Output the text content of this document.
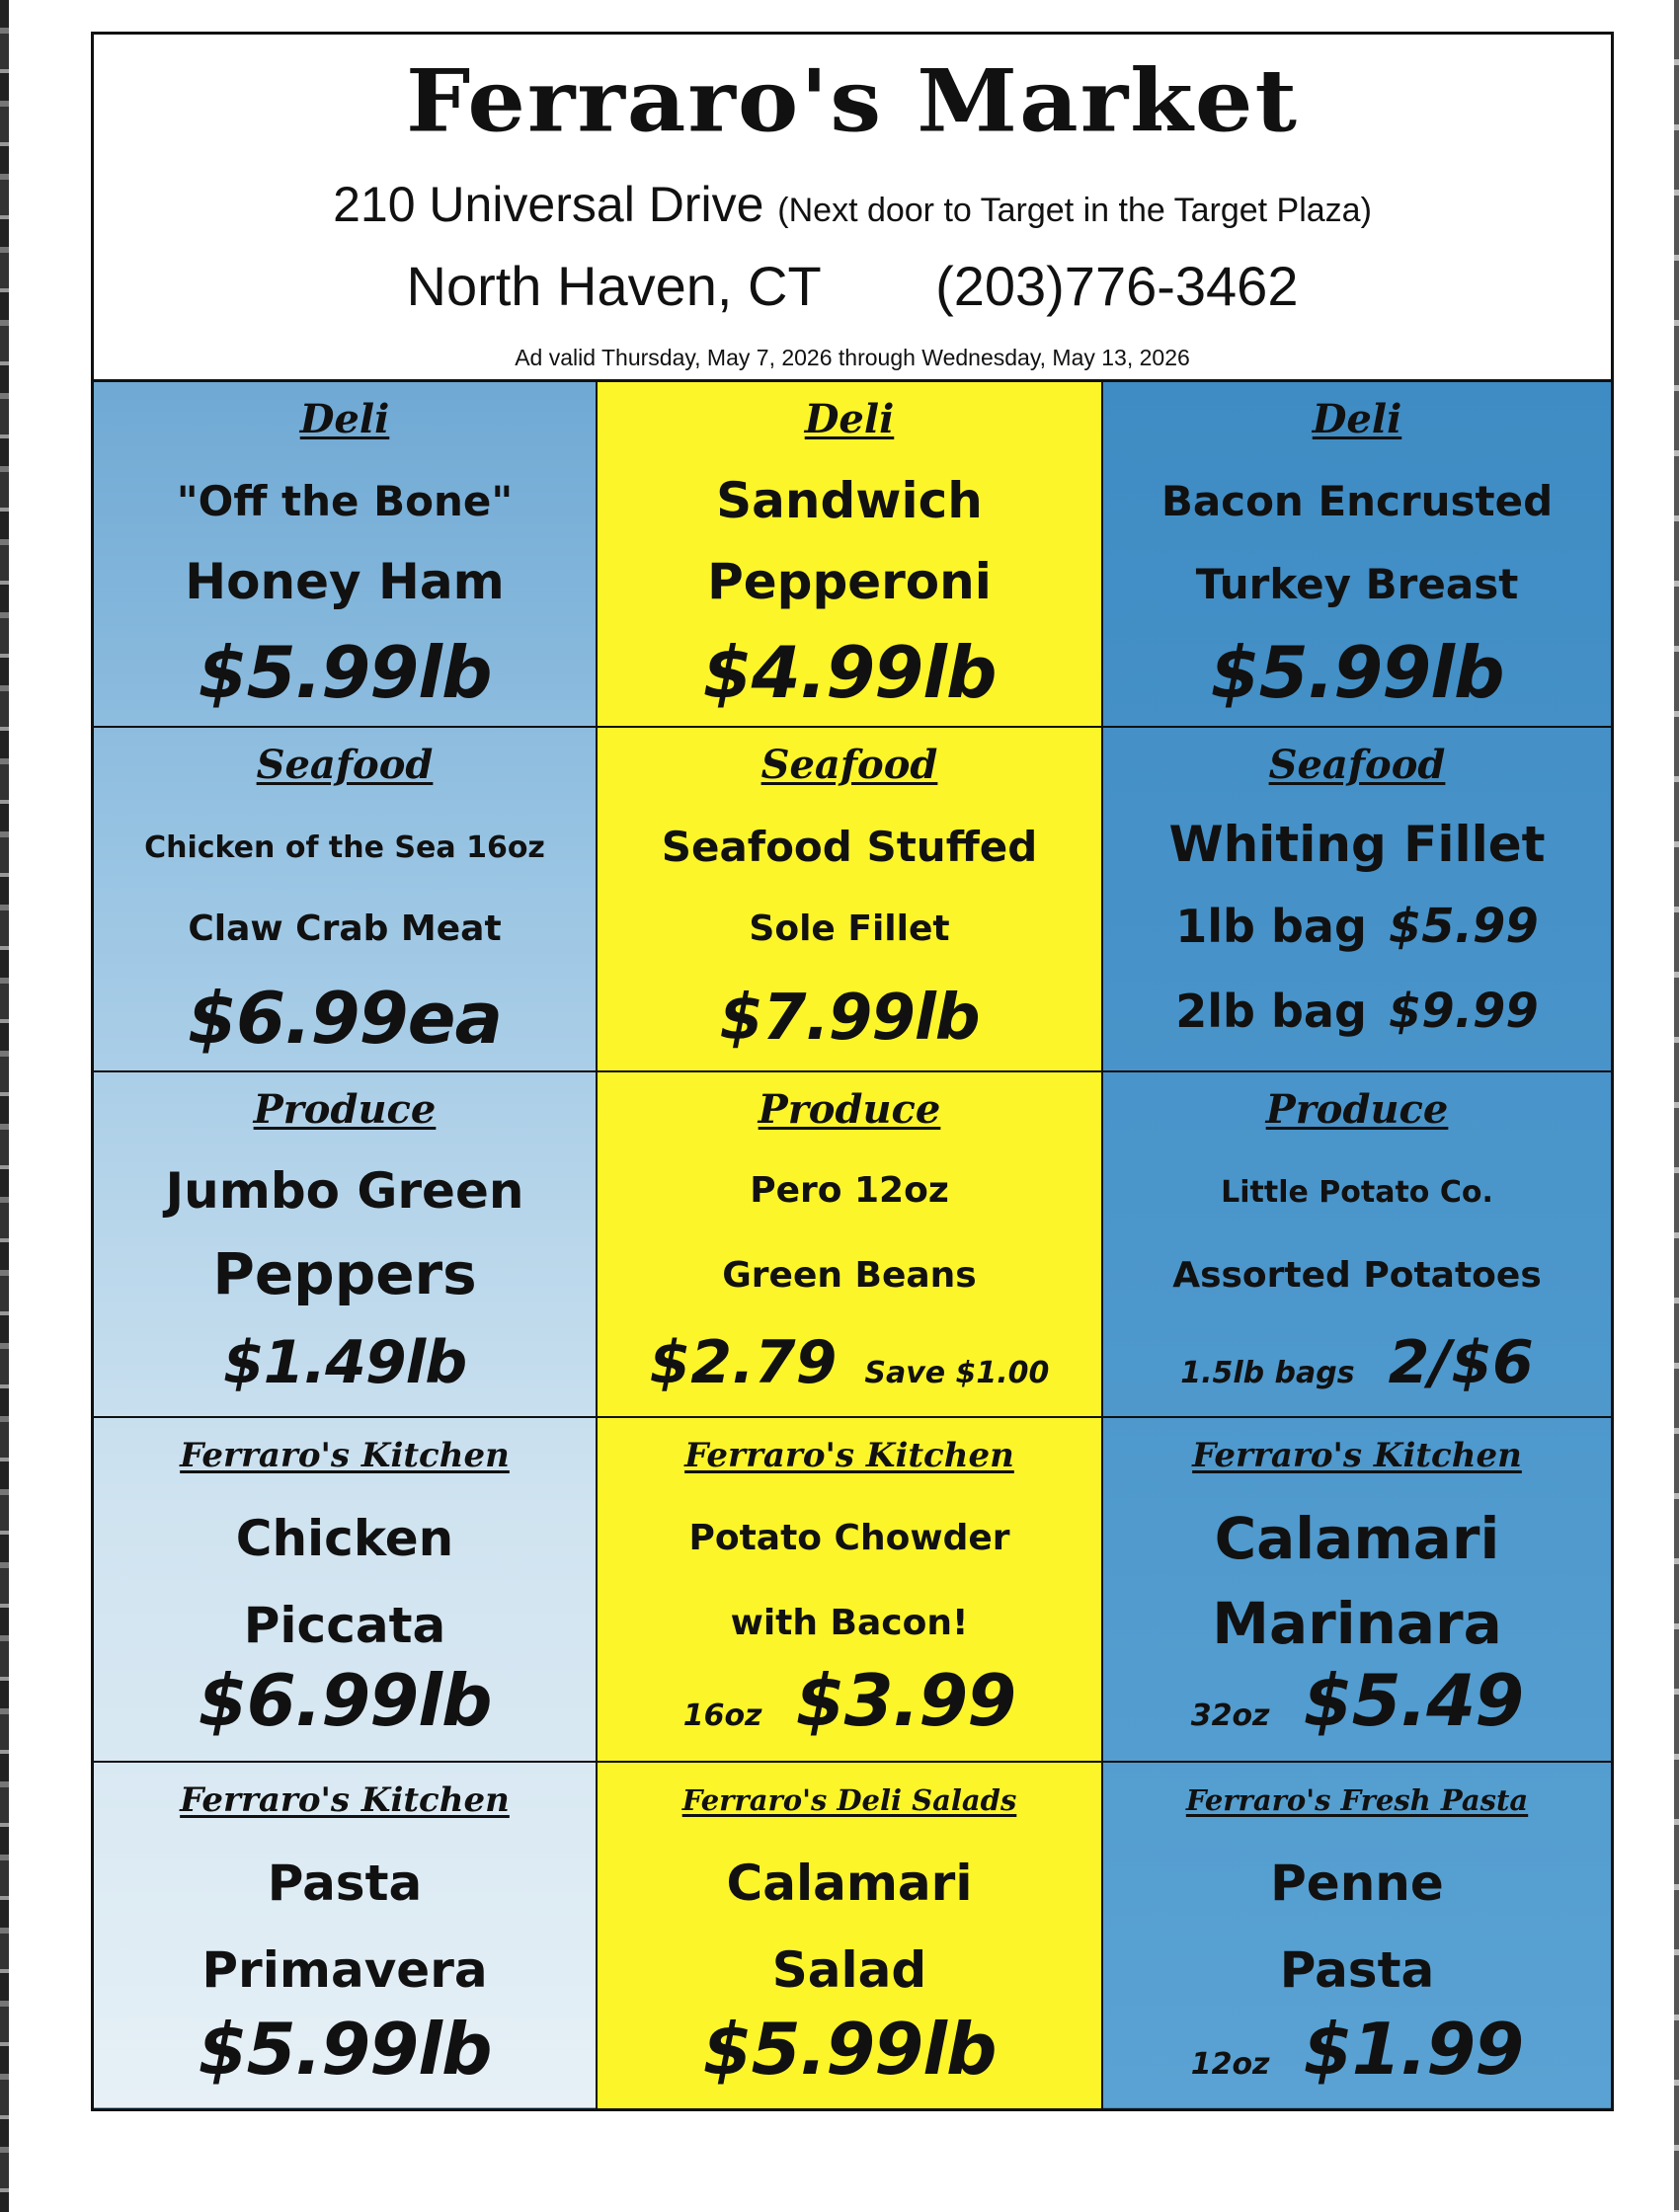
Ferraro's Market
210 Universal Drive (Next door to Target in the Target Plaza)
North Haven, CT (203)776-3462
Ad valid Thursday, May 7, 2026 through Wednesday, May 13, 2026
Deli
"Off the Bone"
Honey Ham
$5.99lb
Deli
Sandwich
Pepperoni
$4.99lb
Deli
Bacon Encrusted
Turkey Breast
$5.99lb
Seafood
Chicken of the Sea 16oz
Claw Crab Meat
$6.99ea
Seafood
Seafood Stuffed
Sole Fillet
$7.99lb
Seafood
Whiting Fillet
1lb bag $5.99
2lb bag $9.99
Produce
Jumbo Green
Peppers
$1.49lb
Produce
Pero 12oz
Green Beans
$2.79 Save $1.00
Produce
Little Potato Co.
Assorted Potatoes
1.5lb bags 2/$6
Ferraro's Kitchen
Chicken
Piccata
$6.99lb
Ferraro's Kitchen
Potato Chowder
with Bacon!
16oz $3.99
Ferraro's Kitchen
Calamari
Marinara
32oz $5.49
Ferraro's Kitchen
Pasta
Primavera
$5.99lb
Ferraro's Deli Salads
Calamari
Salad
$5.99lb
Ferraro's Fresh Pasta
Penne
Pasta
12oz $1.99
